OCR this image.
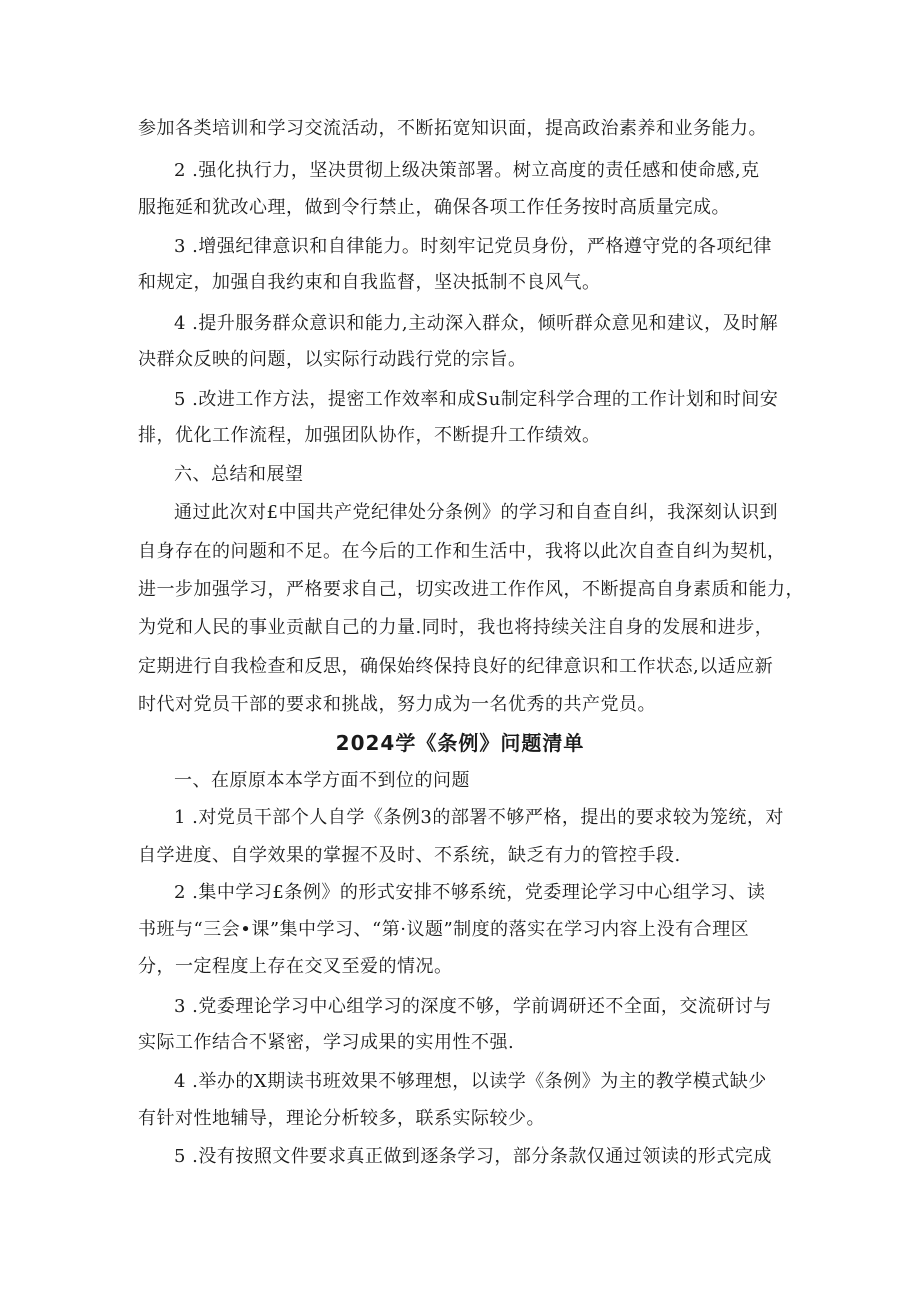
参加各类培训和学习交流活动，不断拓宽知识面，提高政治素养和业务能力。
2 .强化执行力，坚决贯彻上级决策部署。树立高度的责任感和使命感,克
服拖延和犹改心理，做到令行禁止，确保各项工作任务按时高质量完成。
3 .增强纪律意识和自律能力。时刻牢记党员身份，严格遵守党的各项纪律
和规定，加强自我约束和自我监督，坚决抵制不良风气。
4 .提升服务群众意识和能力,主动深入群众，倾听群众意见和建议，及时解
决群众反映的问题，以实际行动践行党的宗旨。
5 .改进工作方法，提密工作效率和成Su制定科学合理的工作计划和时间安
排，优化工作流程，加强团队协作，不断提升工作绩效。
六、总结和展望
通过此次对£中国共产党纪律处分条例》的学习和自查自纠，我深刻认识到
自身存在的问题和不足。在今后的工作和生活中，我将以此次自查自纠为契机，
进一步加强学习，严格要求自己，切实改进工作作风，不断提高自身素质和能力，
为党和人民的事业贡献自己的力量.同时，我也将持续关注自身的发展和进步，
定期进行自我检查和反思，确保始终保持良好的纪律意识和工作状态,以适应新
时代对党员干部的要求和挑战，努力成为一名优秀的共产党员。
2024学《条例》问题清单
一、在原原本本学方面不到位的问题
1 .对党员干部个人自学《条例3的部署不够严格，提出的要求较为笼统，对
自学进度、自学效果的掌握不及时、不系统，缺乏有力的管控手段.
2 .集中学习£条例》的形式安排不够系统，党委理论学习中心组学习、读
书班与“三会•课”集中学习、“第·议题”制度的落实在学习内容上没有合理区
分，一定程度上存在交叉至爱的情况。
3 .党委理论学习中心组学习的深度不够，学前调研还不全面，交流研讨与
实际工作结合不紧密，学习成果的实用性不强.
4 .举办的X期读书班效果不够理想，以读学《条例》为主的教学模式缺少
有针对性地辅导，理论分析较多，联系实际较少。
5 .没有按照文件要求真正做到逐条学习，部分条款仅通过领读的形式完成
